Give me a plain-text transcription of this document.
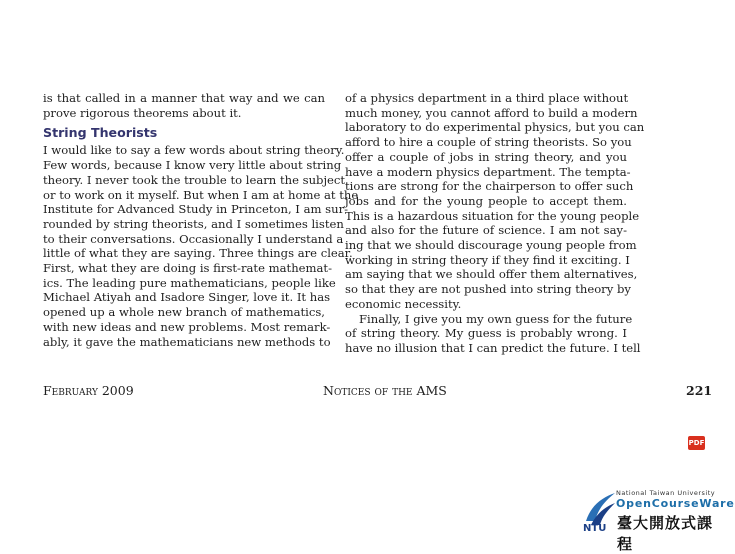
is that called in a manner that way and we can
prove rigorous theorems about it.
String Theorists
I would like to say a few words about string theory.
Few words, because I know very little about string
theory. I never took the trouble to learn the subject
or to work on it myself. But when I am at home at the
Institute for Advanced Study in Princeton, I am sur-
rounded by string theorists, and I sometimes listen
to their conversations. Occasionally I understand a
little of what they are saying. Three things are clear.
First, what they are doing is first-rate mathemat-
ics. The leading pure mathematicians, people like
Michael Atiyah and Isadore Singer, love it. It has
opened up a whole new branch of mathematics,
with new ideas and new problems. Most remark-
ably, it gave the mathematicians new methods to
of a physics department in a third place without
much money, you cannot afford to build a modern
laboratory to do experimental physics, but you can
afford to hire a couple of string theorists. So you
offer a couple of jobs in string theory, and you
have a modern physics department. The tempta-
tions are strong for the chairperson to offer such
jobs and for the young people to accept them.
This is a hazardous situation for the young people
and also for the future of science. I am not say-
ing that we should discourage young people from
working in string theory if they find it exciting. I
am saying that we should offer them alternatives,
so that they are not pushed into string theory by
economic necessity.
Finally, I give you my own guess for the future
of string theory. My guess is probably wrong. I
have no illusion that I can predict the future. I tell
February 2009	Notices of the AMS	221
PDF
National Taiwan University
OpenCourseWare
臺大開放式課程
NTU
